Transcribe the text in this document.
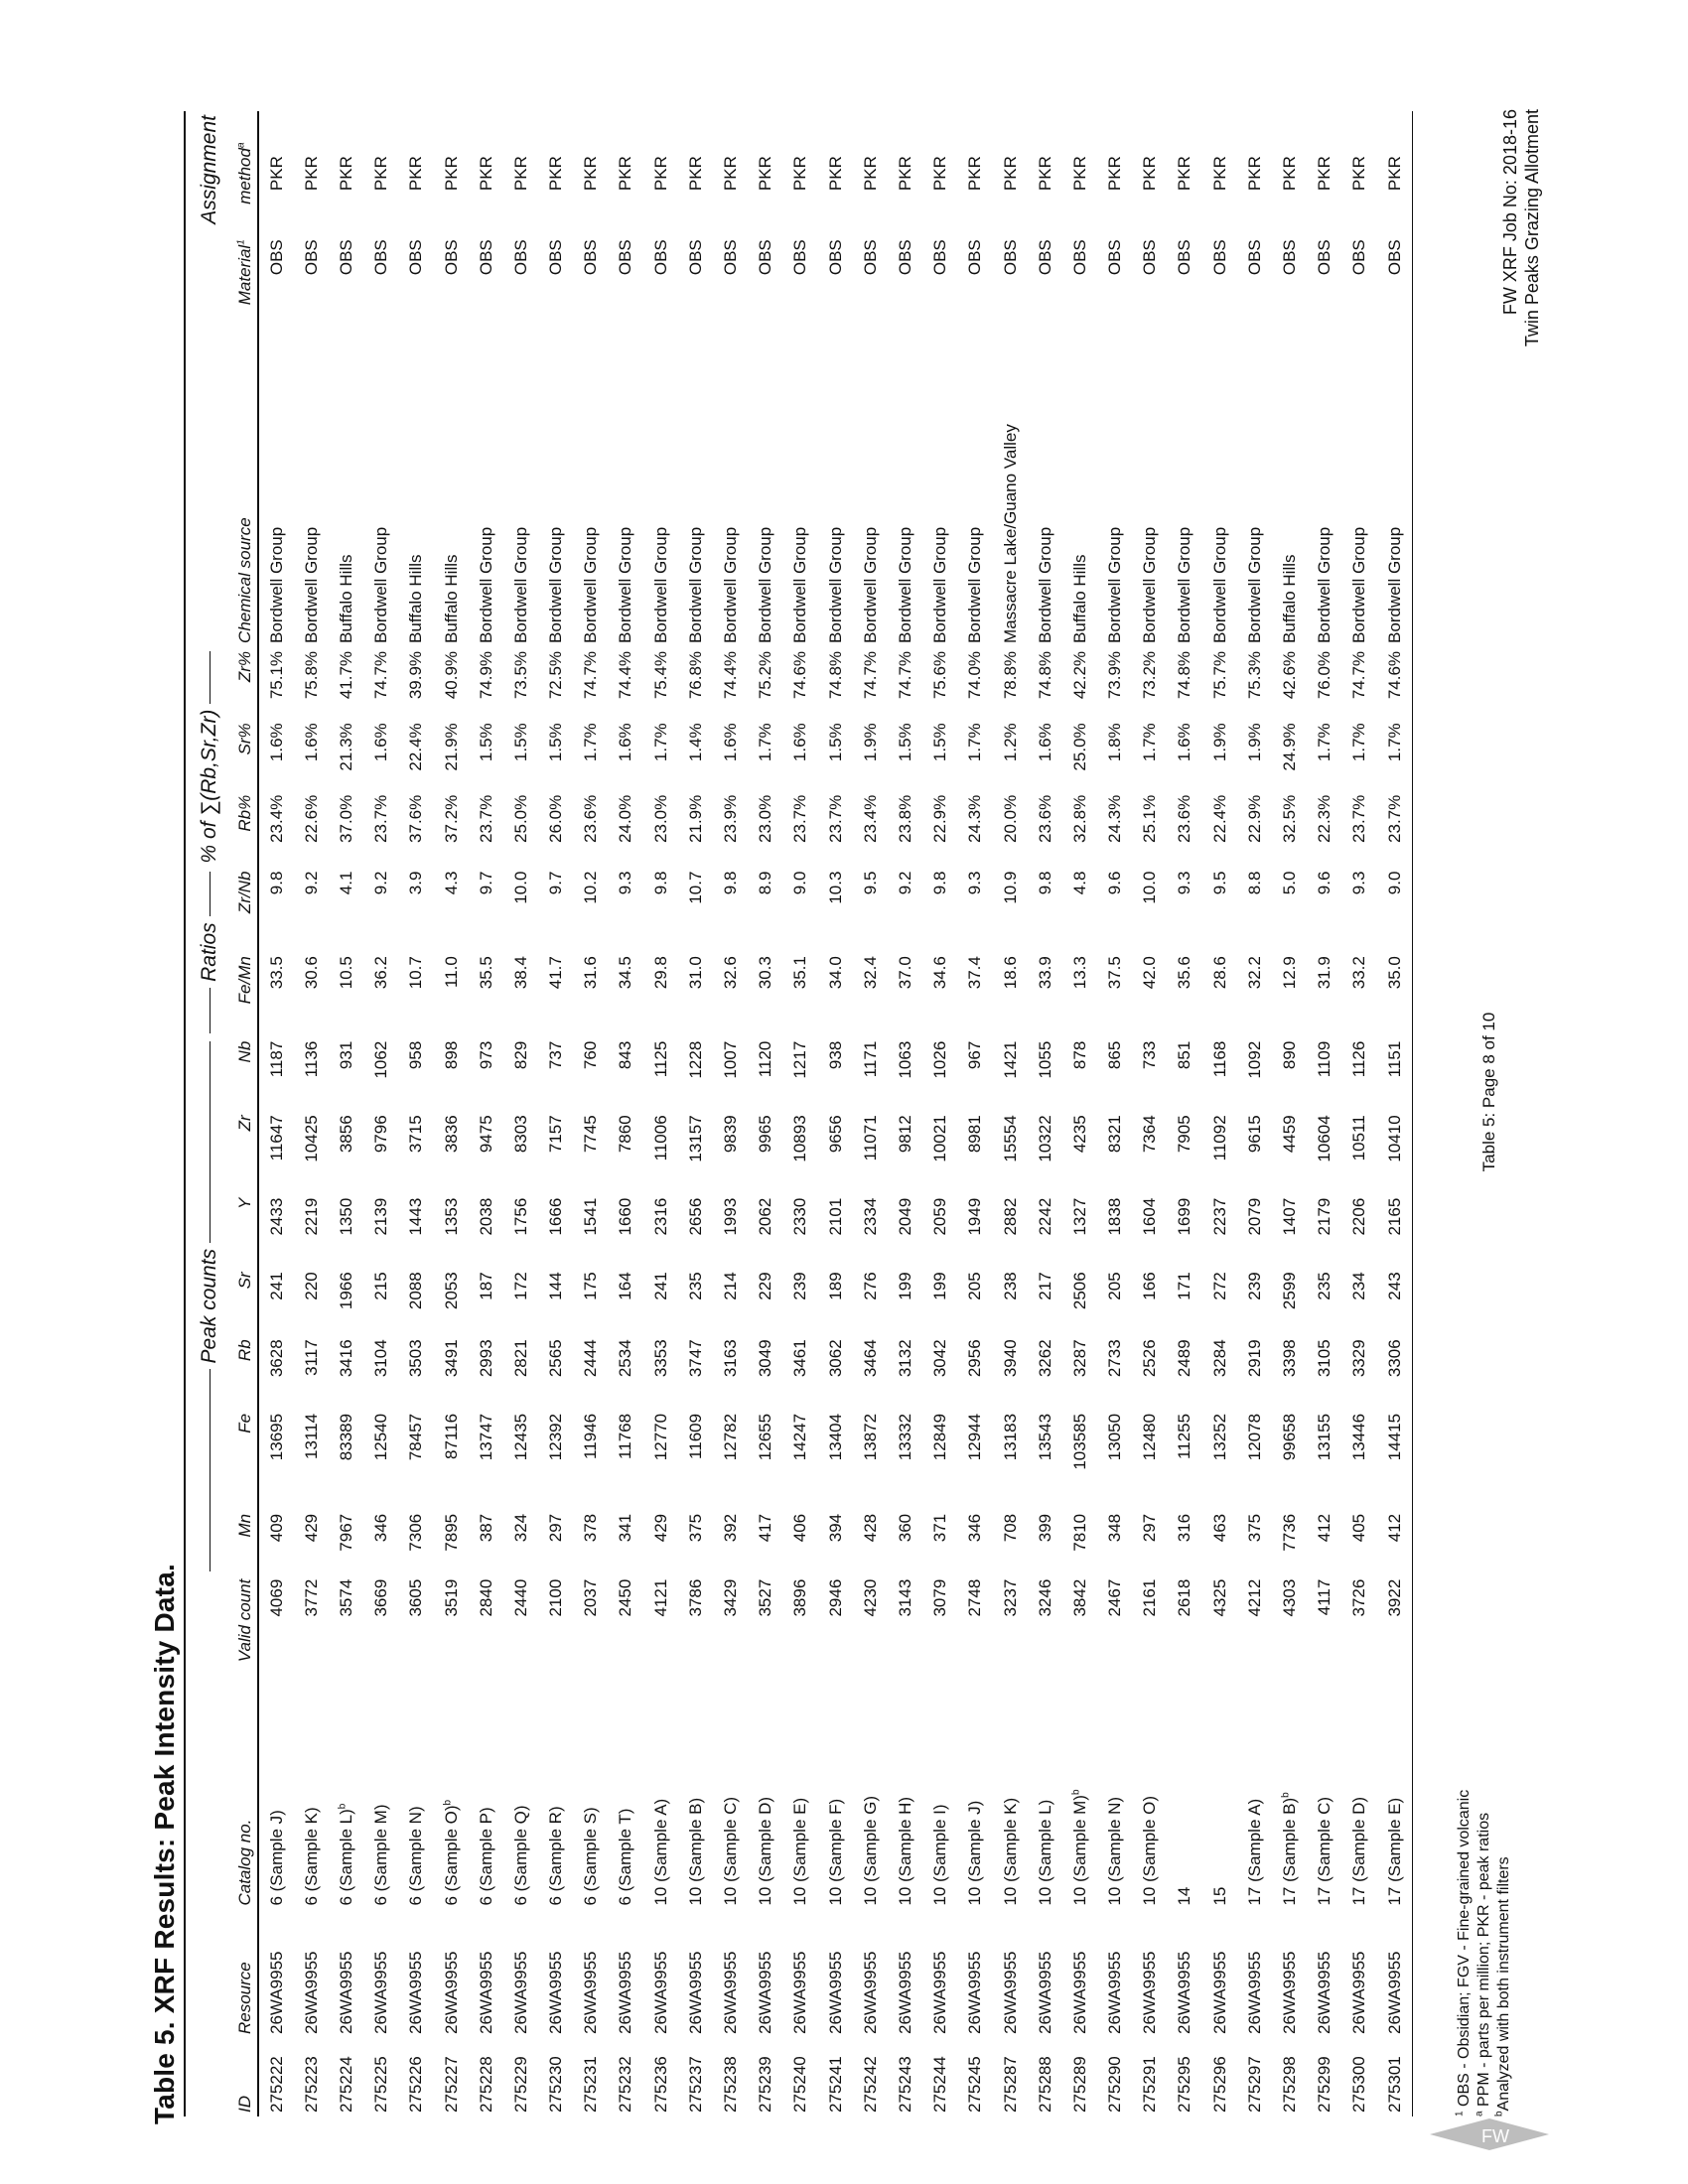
Table 5. XRF Results: Peak Intensity Data.

				Peak counts							Ratios		% of ∑(Rb,Sr,Zr)					Assignment
ID	Resource	Catalog no.	Valid count	Mn	Fe	Rb	Sr	Y	Zr	Nb	Fe/Mn	Zr/Nb	Rb%	Sr%	Zr%	Chemical source	Material$^1$	method$^a$
275222	26WA9955	6 (Sample J)	4069	409	13695	3628	241	2433	11647	1187	33.5	9.8	23.4%	1.6%	75.1%	Bordwell Group	OBS	PKR
275223	26WA9955	6 (Sample K)	3772	429	13114	3117	220	2219	10425	1136	30.6	9.2	22.6%	1.6%	75.8%	Bordwell Group	OBS	PKR
275224	26WA9955	6 (Sample L)$^b$	3574	7967	83389	3416	1966	1350	3856	931	10.5	4.1	37.0%	21.3%	41.7%	Buffalo Hills	OBS	PKR
275225	26WA9955	6 (Sample M)	3669	346	12540	3104	215	2139	9796	1062	36.2	9.2	23.7%	1.6%	74.7%	Bordwell Group	OBS	PKR
275226	26WA9955	6 (Sample N)	3605	7306	78457	3503	2088	1443	3715	958	10.7	3.9	37.6%	22.4%	39.9%	Buffalo Hills	OBS	PKR
275227	26WA9955	6 (Sample O)$^b$	3519	7895	87116	3491	2053	1353	3836	898	11.0	4.3	37.2%	21.9%	40.9%	Buffalo Hills	OBS	PKR
275228	26WA9955	6 (Sample P)	2840	387	13747	2993	187	2038	9475	973	35.5	9.7	23.7%	1.5%	74.9%	Bordwell Group	OBS	PKR
275229	26WA9955	6 (Sample Q)	2440	324	12435	2821	172	1756	8303	829	38.4	10.0	25.0%	1.5%	73.5%	Bordwell Group	OBS	PKR
275230	26WA9955	6 (Sample R)	2100	297	12392	2565	144	1666	7157	737	41.7	9.7	26.0%	1.5%	72.5%	Bordwell Group	OBS	PKR
275231	26WA9955	6 (Sample S)	2037	378	11946	2444	175	1541	7745	760	31.6	10.2	23.6%	1.7%	74.7%	Bordwell Group	OBS	PKR
275232	26WA9955	6 (Sample T)	2450	341	11768	2534	164	1660	7860	843	34.5	9.3	24.0%	1.6%	74.4%	Bordwell Group	OBS	PKR
275236	26WA9955	10 (Sample A)	4121	429	12770	3353	241	2316	11006	1125	29.8	9.8	23.0%	1.7%	75.4%	Bordwell Group	OBS	PKR
275237	26WA9955	10 (Sample B)	3786	375	11609	3747	235	2656	13157	1228	31.0	10.7	21.9%	1.4%	76.8%	Bordwell Group	OBS	PKR
275238	26WA9955	10 (Sample C)	3429	392	12782	3163	214	1993	9839	1007	32.6	9.8	23.9%	1.6%	74.4%	Bordwell Group	OBS	PKR
275239	26WA9955	10 (Sample D)	3527	417	12655	3049	229	2062	9965	1120	30.3	8.9	23.0%	1.7%	75.2%	Bordwell Group	OBS	PKR
275240	26WA9955	10 (Sample E)	3896	406	14247	3461	239	2330	10893	1217	35.1	9.0	23.7%	1.6%	74.6%	Bordwell Group	OBS	PKR
275241	26WA9955	10 (Sample F)	2946	394	13404	3062	189	2101	9656	938	34.0	10.3	23.7%	1.5%	74.8%	Bordwell Group	OBS	PKR
275242	26WA9955	10 (Sample G)	4230	428	13872	3464	276	2334	11071	1171	32.4	9.5	23.4%	1.9%	74.7%	Bordwell Group	OBS	PKR
275243	26WA9955	10 (Sample H)	3143	360	13332	3132	199	2049	9812	1063	37.0	9.2	23.8%	1.5%	74.7%	Bordwell Group	OBS	PKR
275244	26WA9955	10 (Sample I)	3079	371	12849	3042	199	2059	10021	1026	34.6	9.8	22.9%	1.5%	75.6%	Bordwell Group	OBS	PKR
275245	26WA9955	10 (Sample J)	2748	346	12944	2956	205	1949	8981	967	37.4	9.3	24.3%	1.7%	74.0%	Bordwell Group	OBS	PKR
275287	26WA9955	10 (Sample K)	3237	708	13183	3940	238	2882	15554	1421	18.6	10.9	20.0%	1.2%	78.8%	Massacre Lake/Guano Valley	OBS	PKR
275288	26WA9955	10 (Sample L)	3246	399	13543	3262	217	2242	10322	1055	33.9	9.8	23.6%	1.6%	74.8%	Bordwell Group	OBS	PKR
275289	26WA9955	10 (Sample M)$^b$	3842	7810	103585	3287	2506	1327	4235	878	13.3	4.8	32.8%	25.0%	42.2%	Buffalo Hills	OBS	PKR
275290	26WA9955	10 (Sample N)	2467	348	13050	2733	205	1838	8321	865	37.5	9.6	24.3%	1.8%	73.9%	Bordwell Group	OBS	PKR
275291	26WA9955	10 (Sample O)	2161	297	12480	2526	166	1604	7364	733	42.0	10.0	25.1%	1.7%	73.2%	Bordwell Group	OBS	PKR
275295	26WA9955	14	2618	316	11255	2489	171	1699	7905	851	35.6	9.3	23.6%	1.6%	74.8%	Bordwell Group	OBS	PKR
275296	26WA9955	15	4325	463	13252	3284	272	2237	11092	1168	28.6	9.5	22.4%	1.9%	75.7%	Bordwell Group	OBS	PKR
275297	26WA9955	17 (Sample A)	4212	375	12078	2919	239	2079	9615	1092	32.2	8.8	22.9%	1.9%	75.3%	Bordwell Group	OBS	PKR
275298	26WA9955	17 (Sample B)$^b$	4303	7736	99658	3398	2599	1407	4459	890	12.9	5.0	32.5%	24.9%	42.6%	Buffalo Hills	OBS	PKR
275299	26WA9955	17 (Sample C)	4117	412	13155	3105	235	2179	10604	1109	31.9	9.6	22.3%	1.7%	76.0%	Bordwell Group	OBS	PKR
275300	26WA9955	17 (Sample D)	3726	405	13446	3329	234	2206	10511	1126	33.2	9.3	23.7%	1.7%	74.7%	Bordwell Group	OBS	PKR
275301	26WA9955	17 (Sample E)	3922	412	14415	3306	243	2165	10410	1151	35.0	9.0	23.7%	1.7%	74.6%	Bordwell Group	OBS	PKR
FW
$^1$ OBS - Obsidian; FGV - Fine-grained volcanic
$^a$ PPM - parts per million; PKR - peak ratios
$^b$Analyzed with both instrument filters
Table 5: Page 8 of 10
FW XRF Job No: 2018-16 Twin Peaks Grazing Allotment
